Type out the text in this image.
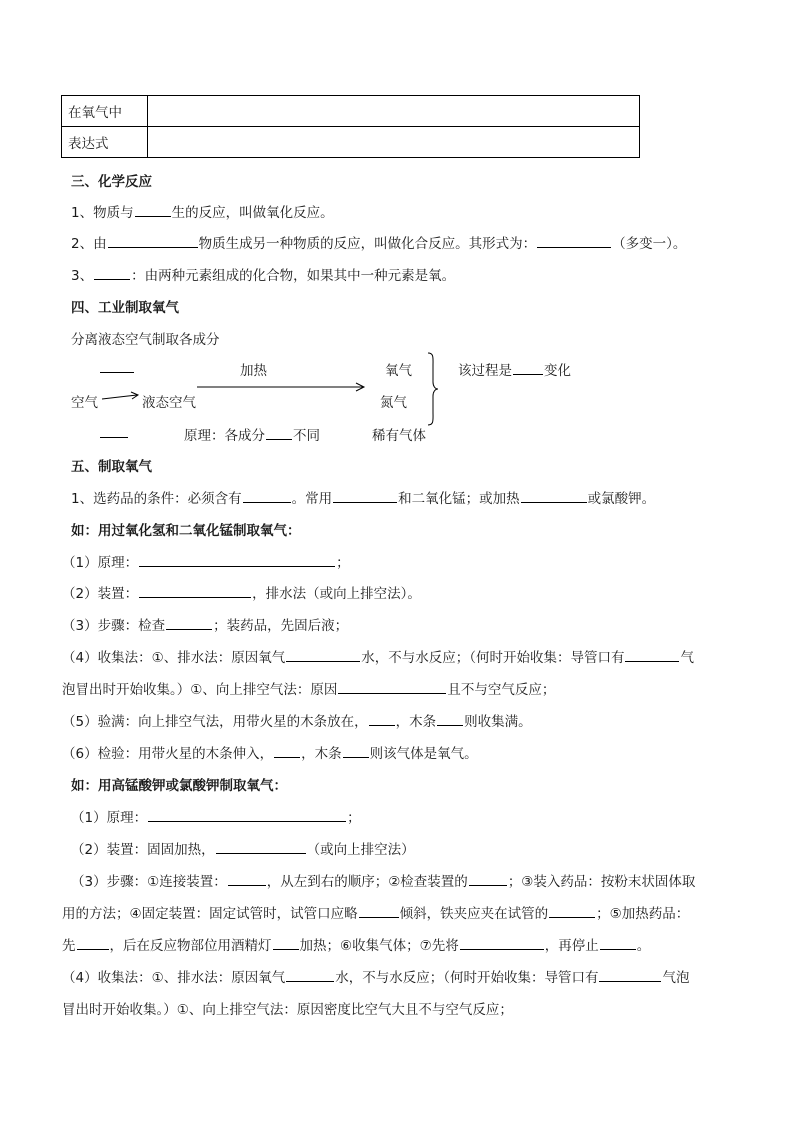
在氧气中	
表达式	
三、化学反应
1、物质与	生的反应，叫做氧化反应。
2、由	物质生成另一种物质的反应，叫做化合反应。其形式为：	（多变一）。
3、	：由两种元素组成的化合物，如果其中一种元素是氧。
四、工业制取氧气
分离液态空气制取各成分
加热	氧气
空气	液态空气	氮气
该过程是 变化
原理：各成分 不同	稀有气体
五、制取氧气
1、选药品的条件：必须含有	。常用	和二氧化锰；或加热	或氯酸钾。
如：用过氧化氢和二氧化锰制取氧气：
（1）原理：	；
（2）装置：	，排水法（或向上排空法）。
（3）步骤：检查	；装药品，先固后液；
（4）收集法：①、排水法：原因氧气	水，不与水反应；（何时开始收集：导管口有	气
泡冒出时开始收集。）①、向上排空气法：原因	且不与空气反应；
（5）验满：向上排空气法，用带火星的木条放在， ，木条 则收集满。
（6）检验：用带火星的木条伸入， ，木条 则该气体是氧气。
如：用高锰酸钾或氯酸钾制取氧气：
（1）原理：	；
（2）装置：固固加热，	（或向上排空法）
（3）步骤：①连接装置：	，从左到右的顺序；②检查装置的	；③装入药品：按粉末状固体取
用的方法；④固定装置：固定试管时，试管口应略	倾斜，铁夹应夹在试管的	；⑤加热药品：
先	，后在反应物部位用酒精灯 加热；⑥收集气体；⑦先将	，再停止	。
（4）收集法：①、排水法：原因氧气	水，不与水反应；（何时开始收集：导管口有	气泡
冒出时开始收集。）①、向上排空气法：原因密度比空气大且不与空气反应；
